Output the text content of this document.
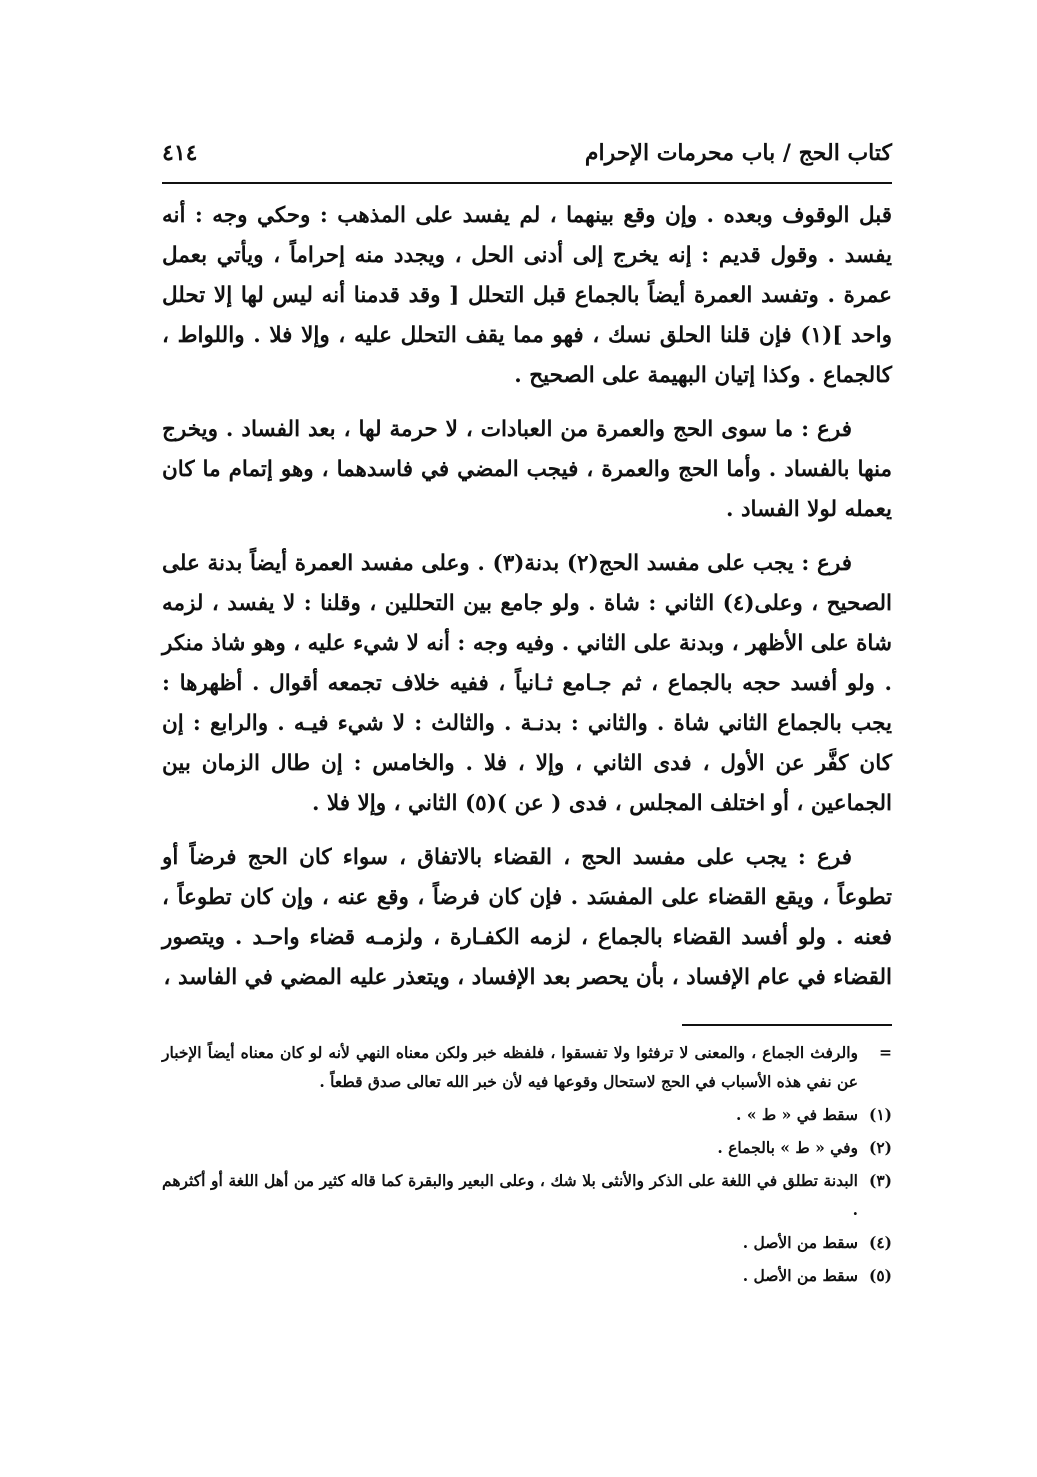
كتاب الحج / باب محرمات الإحرام
٤١٤

قبل الوقوف وبعده . وإن وقع بينهما ، لم يفسد على المذهب : وحكي وجه : أنه يفسد . وقول قديم : إنه يخرج إلى أدنى الحل ، ويجدد منه إحراماً ، ويأتي بعمل عمرة . وتفسد العمرة أيضاً بالجماع قبل التحلل [ وقد قدمنا أنه ليس لها إلا تحلل واحد ](١) فإن قلنا الحلق نسك ، فهو مما يقف التحلل عليه ، وإلا فلا . واللواط ، كالجماع . وكذا إتيان البهيمة على الصحيح .

فرع : ما سوى الحج والعمرة من العبادات ، لا حرمة لها ، بعد الفساد . ويخرج منها بالفساد . وأما الحج والعمرة ، فيجب المضي في فاسدهما ، وهو إتمام ما كان يعمله لولا الفساد .

فرع : يجب على مفسد الحج(٢) بدنة(٣) . وعلى مفسد العمرة أيضاً بدنة على الصحيح ، وعلى(٤) الثاني : شاة . ولو جامع بين التحللين ، وقلنا : لا يفسد ، لزمه شاة على الأظهر ، وبدنة على الثاني . وفيه وجه : أنه لا شيء عليه ، وهو شاذ منكر . ولو أفسد حجه بالجماع ، ثم جـامع ثـانياً ، ففيه خلاف تجمعه أقوال . أظهرها : يجب بالجماع الثاني شاة . والثاني : بدنـة . والثالث : لا شيء فيـه . والرابع : إن كان كفَّر عن الأول ، فدى الثاني ، وإلا ، فلا . والخامس : إن طال الزمان بين الجماعين ، أو اختلف المجلس ، فدى ( عن )(٥) الثاني ، وإلا فلا .

فرع : يجب على مفسد الحج ، القضاء بالاتفاق ، سواء كان الحج فرضاً أو تطوعاً ، ويقع القضاء على المفسَد . فإن كان فرضاً ، وقع عنه ، وإن كان تطوعاً ، فعنه . ولو أفسد القضاء بالجماع ، لزمه الكفـارة ، ولزمـه قضاء واحـد . ويتصور القضاء في عام الإفساد ، بأن يحصر بعد الإفساد ، ويتعذر عليه المضي في الفاسد ،

=
والرفث الجماع ، والمعنى لا ترفثوا ولا تفسقوا ، فلفظه خبر ولكن معناه النهي لأنه لو كان معناه أيضاً الإخبار عن نفي هذه الأسباب في الحج لاستحال وقوعها فيه لأن خبر الله تعالى صدق قطعاً .
(١)
سقط في « ط » .
(٢)
وفي « ط » بالجماع .
(٣)
البدنة تطلق في اللغة على الذكر والأنثى بلا شك ، وعلى البعير والبقرة كما قاله كثير من أهل اللغة أو أكثرهم .
(٤)
سقط من الأصل .
(٥)
سقط من الأصل .
